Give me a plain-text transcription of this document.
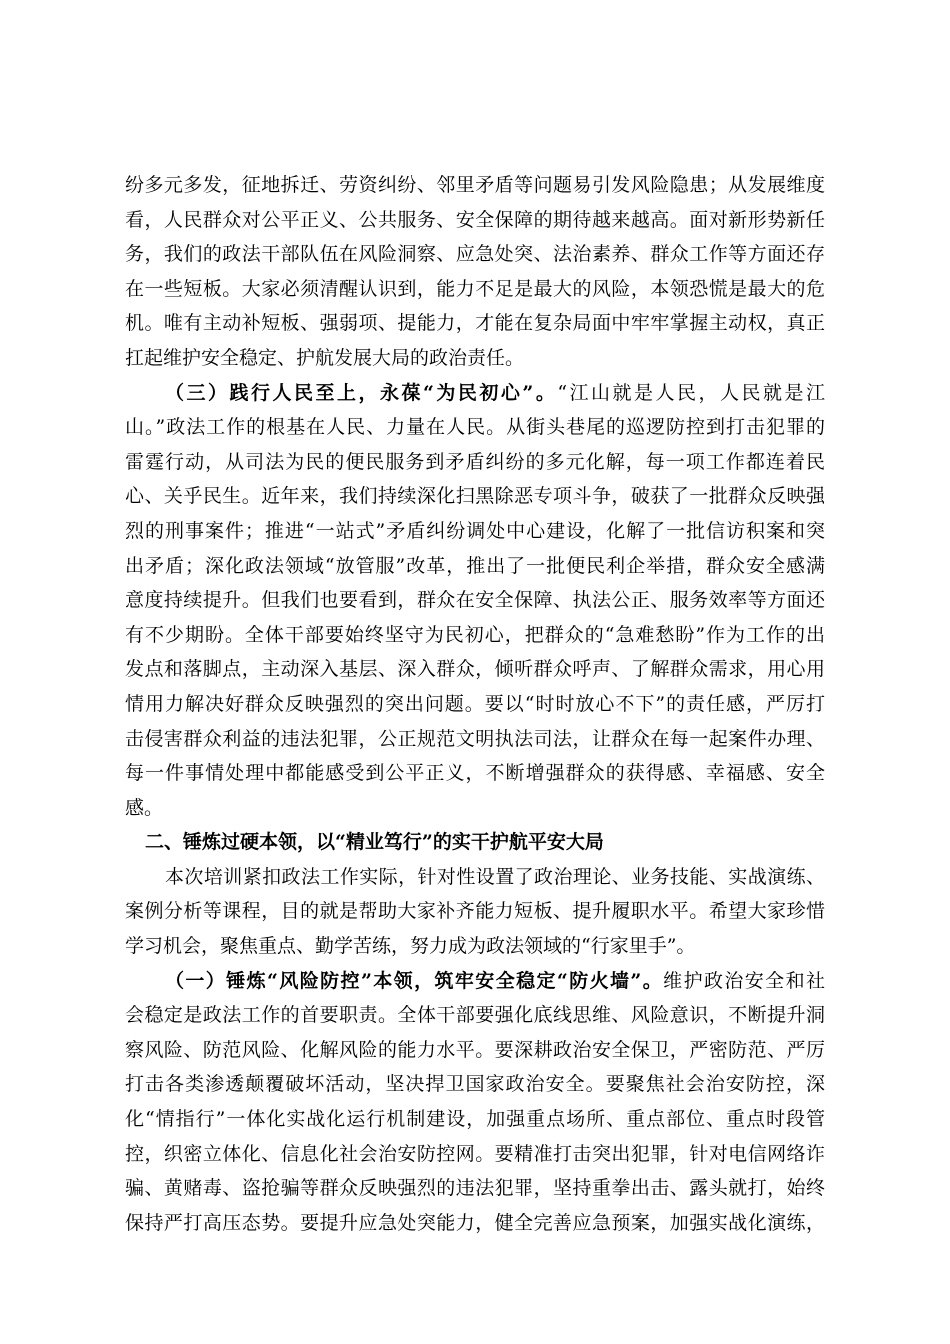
纷多元多发，征地拆迁、劳资纠纷、邻里矛盾等问题易引发风险隐患；从发展维度
看，人民群众对公平正义、公共服务、安全保障的期待越来越高。面对新形势新任
务，我们的政法干部队伍在风险洞察、应急处突、法治素养、群众工作等方面还存
在一些短板。大家必须清醒认识到，能力不足是最大的风险，本领恐慌是最大的危
机。唯有主动补短板、强弱项、提能力，才能在复杂局面中牢牢掌握主动权，真正
扛起维护安全稳定、护航发展大局的政治责任。
（三）践行人民至上，永葆“为民初心”。“江山就是人民，人民就是江
山。”政法工作的根基在人民、力量在人民。从街头巷尾的巡逻防控到打击犯罪的
雷霆行动，从司法为民的便民服务到矛盾纠纷的多元化解，每一项工作都连着民
心、关乎民生。近年来，我们持续深化扫黑除恶专项斗争，破获了一批群众反映强
烈的刑事案件；推进“一站式”矛盾纠纷调处中心建设，化解了一批信访积案和突
出矛盾；深化政法领域“放管服”改革，推出了一批便民利企举措，群众安全感满
意度持续提升。但我们也要看到，群众在安全保障、执法公正、服务效率等方面还
有不少期盼。全体干部要始终坚守为民初心，把群众的“急难愁盼”作为工作的出
发点和落脚点，主动深入基层、深入群众，倾听群众呼声、了解群众需求，用心用
情用力解决好群众反映强烈的突出问题。要以“时时放心不下”的责任感，严厉打
击侵害群众利益的违法犯罪，公正规范文明执法司法，让群众在每一起案件办理、
每一件事情处理中都能感受到公平正义，不断增强群众的获得感、幸福感、安全
感。
二、锤炼过硬本领，以“精业笃行”的实干护航平安大局
本次培训紧扣政法工作实际，针对性设置了政治理论、业务技能、实战演练、
案例分析等课程，目的就是帮助大家补齐能力短板、提升履职水平。希望大家珍惜
学习机会，聚焦重点、勤学苦练，努力成为政法领域的“行家里手”。
（一）锤炼“风险防控”本领，筑牢安全稳定“防火墙”。维护政治安全和社
会稳定是政法工作的首要职责。全体干部要强化底线思维、风险意识，不断提升洞
察风险、防范风险、化解风险的能力水平。要深耕政治安全保卫，严密防范、严厉
打击各类渗透颠覆破坏活动，坚决捍卫国家政治安全。要聚焦社会治安防控，深
化“情指行”一体化实战化运行机制建设，加强重点场所、重点部位、重点时段管
控，织密立体化、信息化社会治安防控网。要精准打击突出犯罪，针对电信网络诈
骗、黄赌毒、盗抢骗等群众反映强烈的违法犯罪，坚持重拳出击、露头就打，始终
保持严打高压态势。要提升应急处突能力，健全完善应急预案，加强实战化演练，
